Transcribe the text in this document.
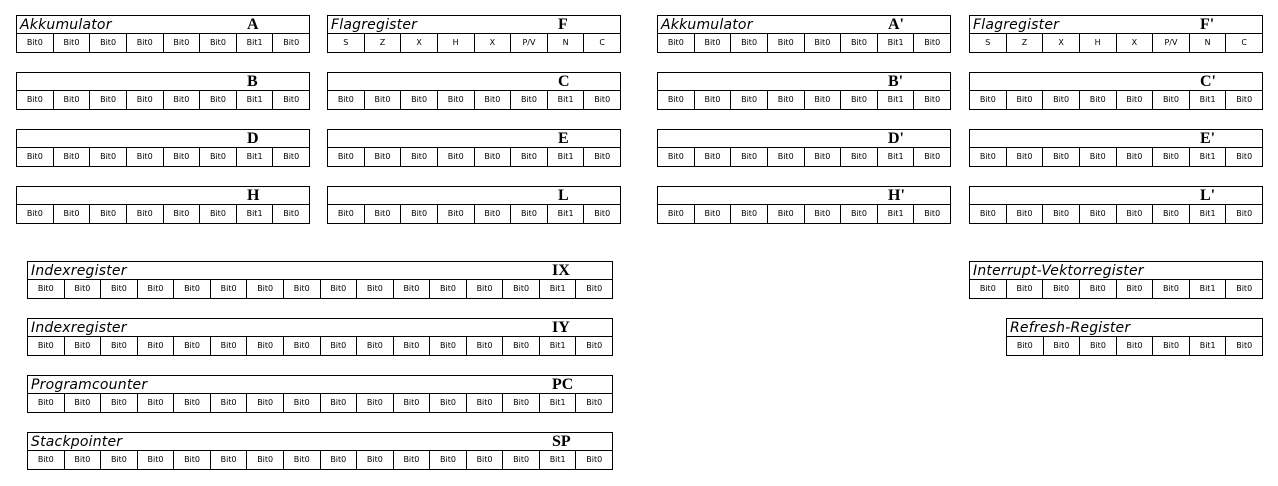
Akkumulator	A
Bit0	Bit0	Bit0	Bit0	Bit0	Bit0	Bit1	Bit0
Flagregister	F
S	Z	X	H	X	P/V	N	C
Akkumulator	A'
Bit0	Bit0	Bit0	Bit0	Bit0	Bit0	Bit1	Bit0
Flagregister	F'
S	Z	X	H	X	P/V	N	C
B
Bit0	Bit0	Bit0	Bit0	Bit0	Bit0	Bit1	Bit0
C
Bit0	Bit0	Bit0	Bit0	Bit0	Bit0	Bit1	Bit0
B'
Bit0	Bit0	Bit0	Bit0	Bit0	Bit0	Bit1	Bit0
C'
Bit0	Bit0	Bit0	Bit0	Bit0	Bit0	Bit1	Bit0
D
Bit0	Bit0	Bit0	Bit0	Bit0	Bit0	Bit1	Bit0
E
Bit0	Bit0	Bit0	Bit0	Bit0	Bit0	Bit1	Bit0
D'
Bit0	Bit0	Bit0	Bit0	Bit0	Bit0	Bit1	Bit0
E'
Bit0	Bit0	Bit0	Bit0	Bit0	Bit0	Bit1	Bit0
H
Bit0	Bit0	Bit0	Bit0	Bit0	Bit0	Bit1	Bit0
L
Bit0	Bit0	Bit0	Bit0	Bit0	Bit0	Bit1	Bit0
H'
Bit0	Bit0	Bit0	Bit0	Bit0	Bit0	Bit1	Bit0
L'
Bit0	Bit0	Bit0	Bit0	Bit0	Bit0	Bit1	Bit0
Indexregister	IX
Bit0	Bit0	Bit0	Bit0	Bit0	Bit0	Bit0	Bit0	Bit0	Bit0	Bit0	Bit0	Bit0	Bit0	Bit1	Bit0
Indexregister	IY
Bit0	Bit0	Bit0	Bit0	Bit0	Bit0	Bit0	Bit0	Bit0	Bit0	Bit0	Bit0	Bit0	Bit0	Bit1	Bit0
Programcounter	PC
Bit0	Bit0	Bit0	Bit0	Bit0	Bit0	Bit0	Bit0	Bit0	Bit0	Bit0	Bit0	Bit0	Bit0	Bit1	Bit0
Stackpointer	SP
Bit0	Bit0	Bit0	Bit0	Bit0	Bit0	Bit0	Bit0	Bit0	Bit0	Bit0	Bit0	Bit0	Bit0	Bit1	Bit0
Interrupt-Vektorregister
Bit0	Bit0	Bit0	Bit0	Bit0	Bit0	Bit1	Bit0
Refresh-Register
Bit0	Bit0	Bit0	Bit0	Bit0	Bit1	Bit0
